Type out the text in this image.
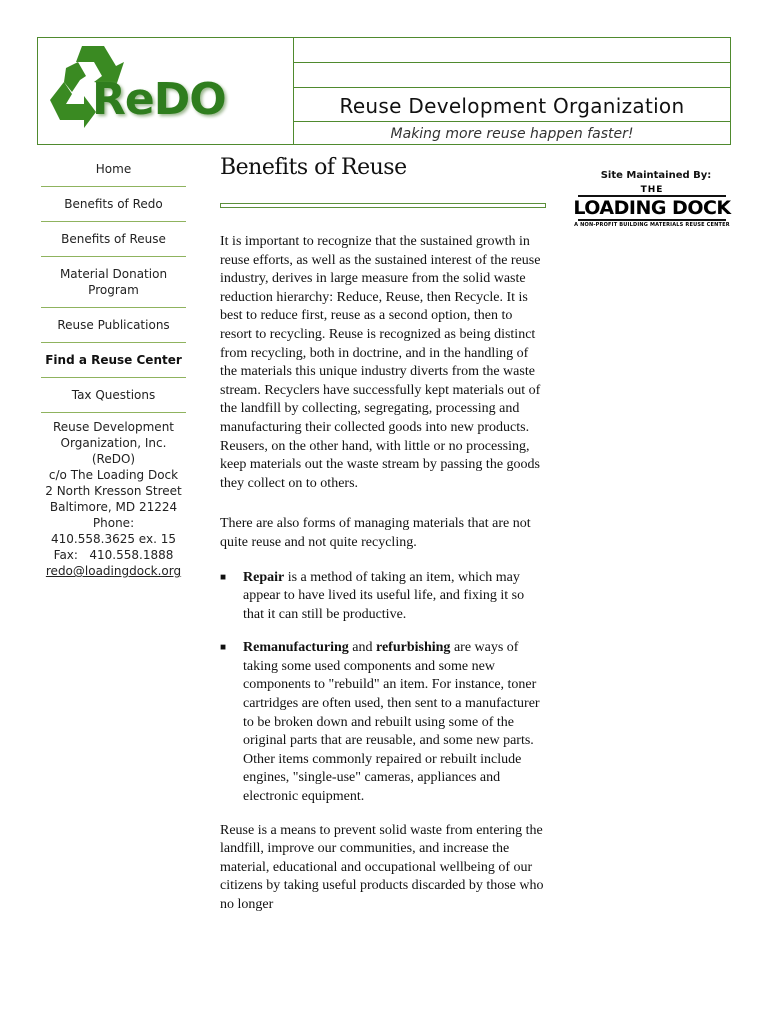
ReDO	Reuse Development Organization
Making more reuse happen faster!
Home
Benefits of Redo
Benefits of Reuse
Material Donation Program
Reuse Publications
Find a Reuse Center
Tax Questions
Reuse Development Organization, Inc. (ReDO)
c/o The Loading Dock
2 North Kresson Street
Baltimore, MD 21224
Phone:
410.558.3625 ex. 15
Fax:   410.558.1888
redo@loadingdock.org
Benefits of Reuse

It is important to recognize that the sustained growth in reuse efforts, as well as the sustained interest of the reuse industry, derives in large measure from the solid waste reduction hierarchy: Reduce, Reuse, then Recycle. It is best to reduce first, reuse as a second option, then to resort to recycling. Reuse is recognized as being distinct from recycling, both in doctrine, and in the handling of the materials this unique industry diverts from the waste stream. Recyclers have successfully kept materials out of the landfill by collecting, segregating, processing and manufacturing their collected goods into new products. Reusers, on the other hand, with little or no processing, keep materials out the waste stream by passing the goods they collect on to others.

There are also forms of managing materials that are not quite reuse and not quite recycling.

■ Repair is a method of taking an item, which may appear to have lived its useful life, and fixing it so that it can still be productive.
■ Remanufacturing and refurbishing are ways of taking some used components and some new components to "rebuild" an item. For instance, toner cartridges are often used, then sent to a manufacturer to be broken down and rebuilt using some of the original parts that are reusable, and some new parts. Other items commonly repaired or rebuilt include engines, "single-use" cameras, appliances and electronic equipment.

Reuse is a means to prevent solid waste from entering the landfill, improve our communities, and increase the material, educational and occupational wellbeing of our citizens by taking useful products discarded by those who no longer

Site Maintained By:
THE
LOADING DOCK
A NON-PROFIT BUILDING MATERIALS REUSE CENTER
